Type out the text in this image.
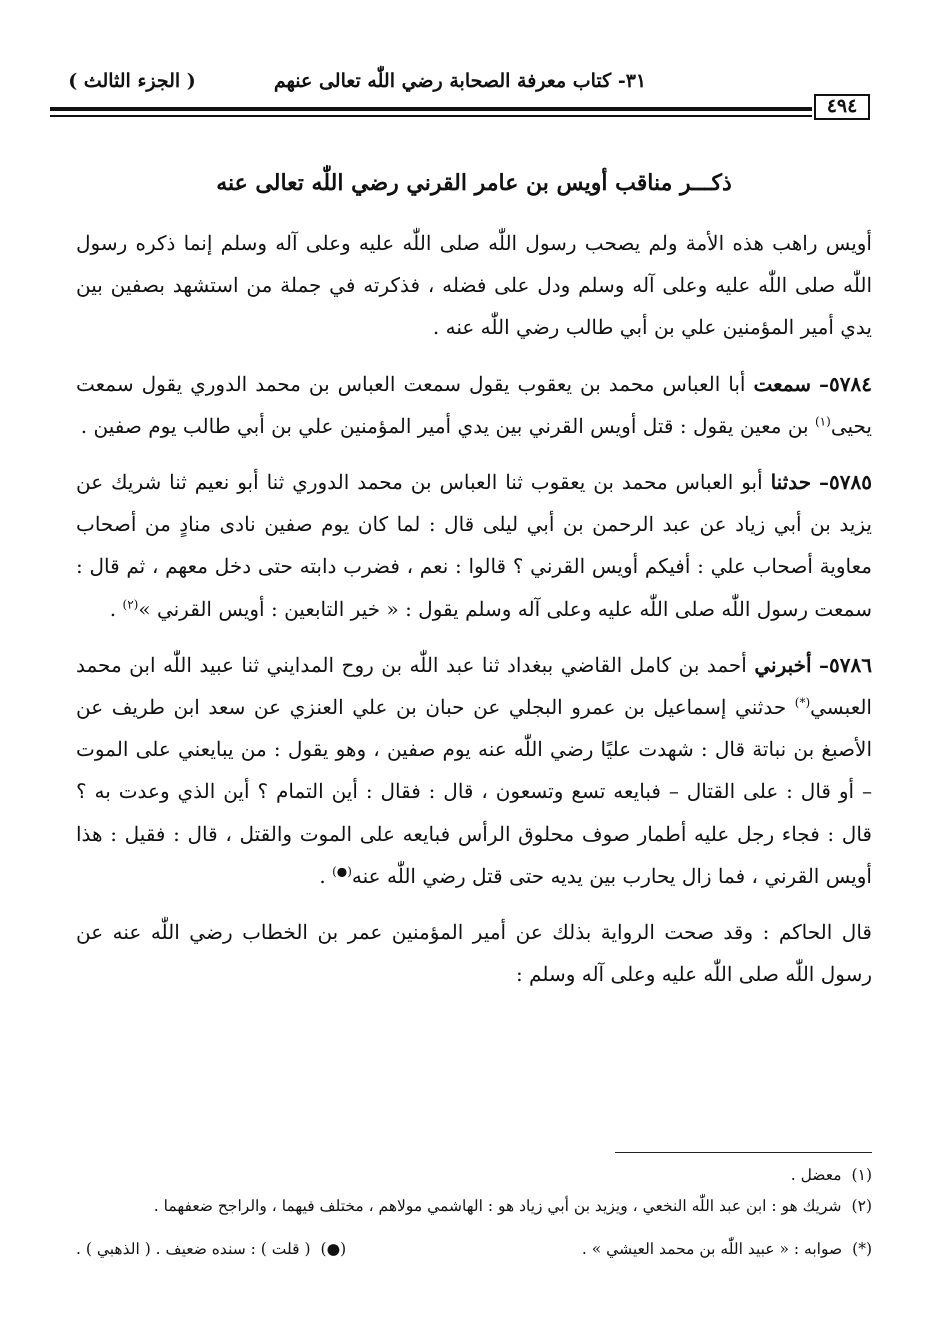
٣١- كتاب معرفة الصحابة رضي اللّٰه تعالى عنهم
( الجزء الثالث )
٤٩٤
ذكـــر مناقب أويس بن عامر القرني رضي اللّٰه تعالى عنه

أويس راهب هذه الأمة ولم يصحب رسول اللّٰه صلى اللّٰه عليه وعلى آله وسلم إنما ذكره رسول اللّٰه صلى اللّٰه عليه وعلى آله وسلم ودل على فضله ، فذكرته في جملة من استشهد بصفين بين يدي أمير المؤمنين علي بن أبي طالب رضي اللّٰه عنه .

٥٧٨٤– سمعت أبا العباس محمد بن يعقوب يقول سمعت العباس بن محمد الدوري يقول سمعت يحيى$^{(١)}$ بن معين يقول : قتل أويس القرني بين يدي أمير المؤمنين علي بن أبي طالب يوم صفين .

٥٧٨٥– حدثنا أبو العباس محمد بن يعقوب ثنا العباس بن محمد الدوري ثنا أبو نعيم ثنا شريك عن يزيد بن أبي زياد عن عبد الرحمن بن أبي ليلى قال : لما كان يوم صفين نادى منادٍ من أصحاب معاوية أصحاب علي : أفيكم أويس القرني ؟ قالوا : نعم ، فضرب دابته حتى دخل معهم ، ثم قال : سمعت رسول اللّٰه صلى اللّٰه عليه وعلى آله وسلم يقول : « خير التابعين : أويس القرني »$^{(٢)}$ .

٥٧٨٦– أخبرني أحمد بن كامل القاضي ببغداد ثنا عبد اللّٰه بن روح المدايني ثنا عبيد اللّٰه ابن محمد العبسي(*) حدثني إسماعيل بن عمرو البجلي عن حبان بن علي العنزي عن سعد ابن طريف عن الأصبغ بن نباتة قال : شهدت عليًا رضي اللّٰه عنه يوم صفين ، وهو يقول : من يبايعني على الموت – أو قال : على القتال – فبايعه تسع وتسعون ، قال : فقال : أين التمام ؟ أين الذي وعدت به ؟ قال : فجاء رجل عليه أطمار صوف محلوق الرأس فبايعه على الموت والقتل ، قال : فقيل : هذا أويس القرني ، فما زال يحارب بين يديه حتى قتل رضي اللّٰه عنه(●) .

قال الحاكم : وقد صحت الرواية بذلك عن أمير المؤمنين عمر بن الخطاب رضي اللّٰه عنه عن رسول اللّٰه صلى اللّٰه عليه وعلى آله وسلم :

(١)معضل .

(٢)شريك هو : ابن عبد اللّٰه النخعي ، ويزيد بن أبي زياد هو : الهاشمي مولاهم ، مختلف فيهما ، والراجح ضعفهما .

(*)صوابه : « عبيد اللّٰه بن محمد العيشي » .
(●)( قلت ) : سنده ضعيف . ( الذهبي ) .
